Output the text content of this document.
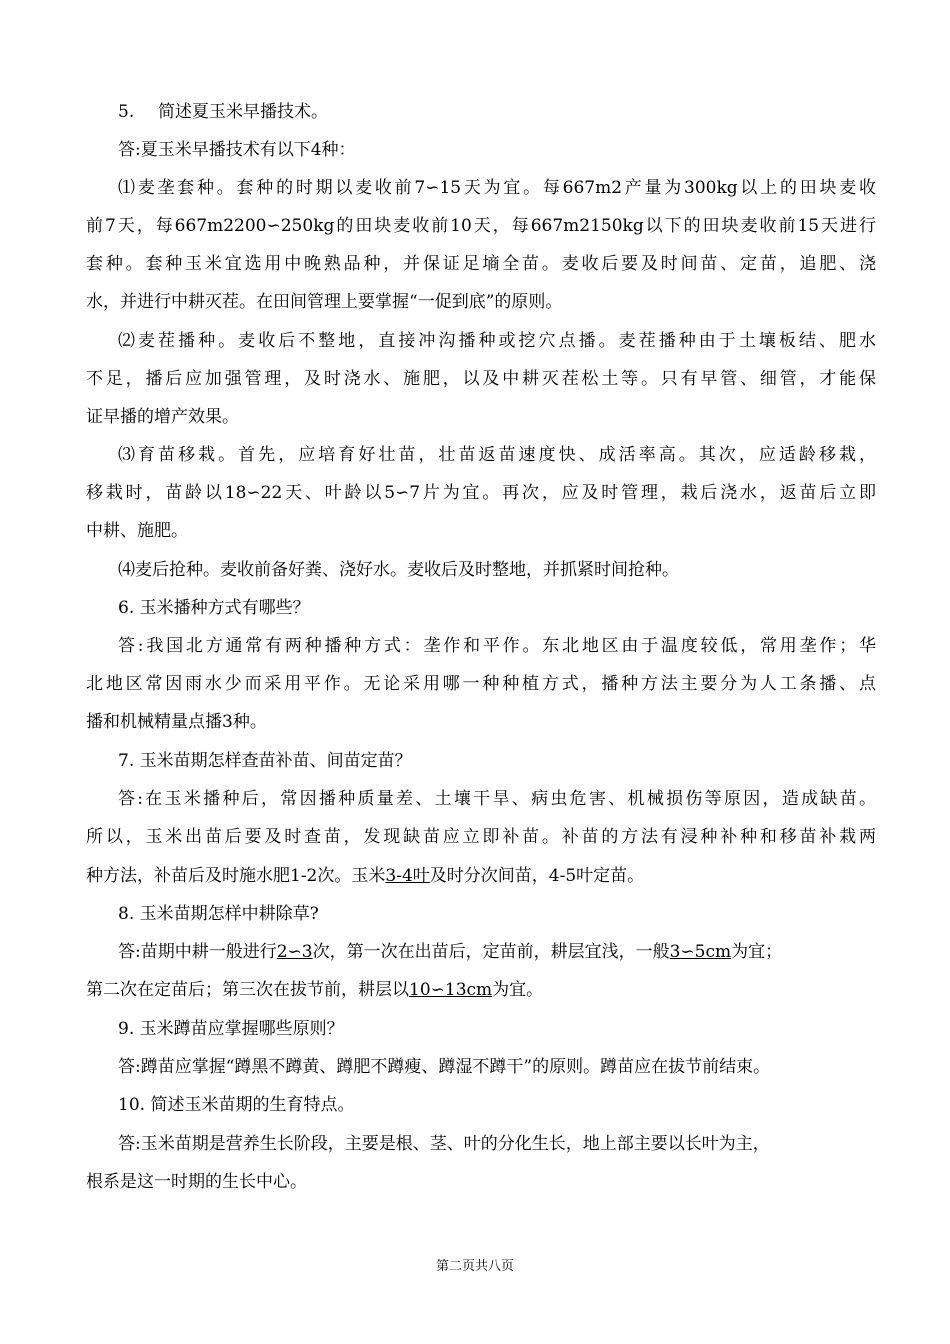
5. 简述夏玉米早播技术。
答:夏玉米早播技术有以下4种：
⑴麦垄套种。套种的时期以麦收前7∽15天为宜。每667m2产量为300kg以上的田块麦收
前7天，每667m2200∽250kg的田块麦收前10天，每667m2150kg以下的田块麦收前15天进行
套种。套种玉米宜选用中晚熟品种，并保证足墒全苗。麦收后要及时间苗、定苗，追肥、浇
水，并进行中耕灭茬。在田间管理上要掌握“一促到底”的原则。
⑵麦茬播种。麦收后不整地，直接冲沟播种或挖穴点播。麦茬播种由于土壤板结、肥水
不足，播后应加强管理，及时浇水、施肥，以及中耕灭茬松土等。只有早管、细管，才能保
证早播的增产效果。
⑶育苗移栽。首先，应培育好壮苗，壮苗返苗速度快、成活率高。其次，应适龄移栽，
移栽时，苗龄以18∽22天、叶龄以5∽7片为宜。再次，应及时管理，栽后浇水，返苗后立即
中耕、施肥。
⑷麦后抢种。麦收前备好粪、浇好水。麦收后及时整地，并抓紧时间抢种。
6. 玉米播种方式有哪些？
答:我国北方通常有两种播种方式：垄作和平作。东北地区由于温度较低，常用垄作；华
北地区常因雨水少而采用平作。无论采用哪一种种植方式，播种方法主要分为人工条播、点
播和机械精量点播3种。
7. 玉米苗期怎样查苗补苗、间苗定苗？
答:在玉米播种后，常因播种质量差、土壤干旱、病虫危害、机械损伤等原因，造成缺苗。
所以，玉米出苗后要及时查苗，发现缺苗应立即补苗。补苗的方法有浸种补种和移苗补栽两
种方法，补苗后及时施水肥1-2次。玉米3-4叶及时分次间苗，4-5叶定苗。
8. 玉米苗期怎样中耕除草?
答:苗期中耕一般进行2∽3次，第一次在出苗后，定苗前，耕层宜浅，一般3∽5cm为宜；
第二次在定苗后；第三次在拔节前，耕层以10∽13cm为宜。
9. 玉米蹲苗应掌握哪些原则？
答:蹲苗应掌握“蹲黑不蹲黄、蹲肥不蹲瘦、蹲湿不蹲干”的原则。蹲苗应在拔节前结束。
10. 简述玉米苗期的生育特点。
答:玉米苗期是营养生长阶段，主要是根、茎、叶的分化生长，地上部主要以长叶为主，
根系是这一时期的生长中心。
第二页共八页
